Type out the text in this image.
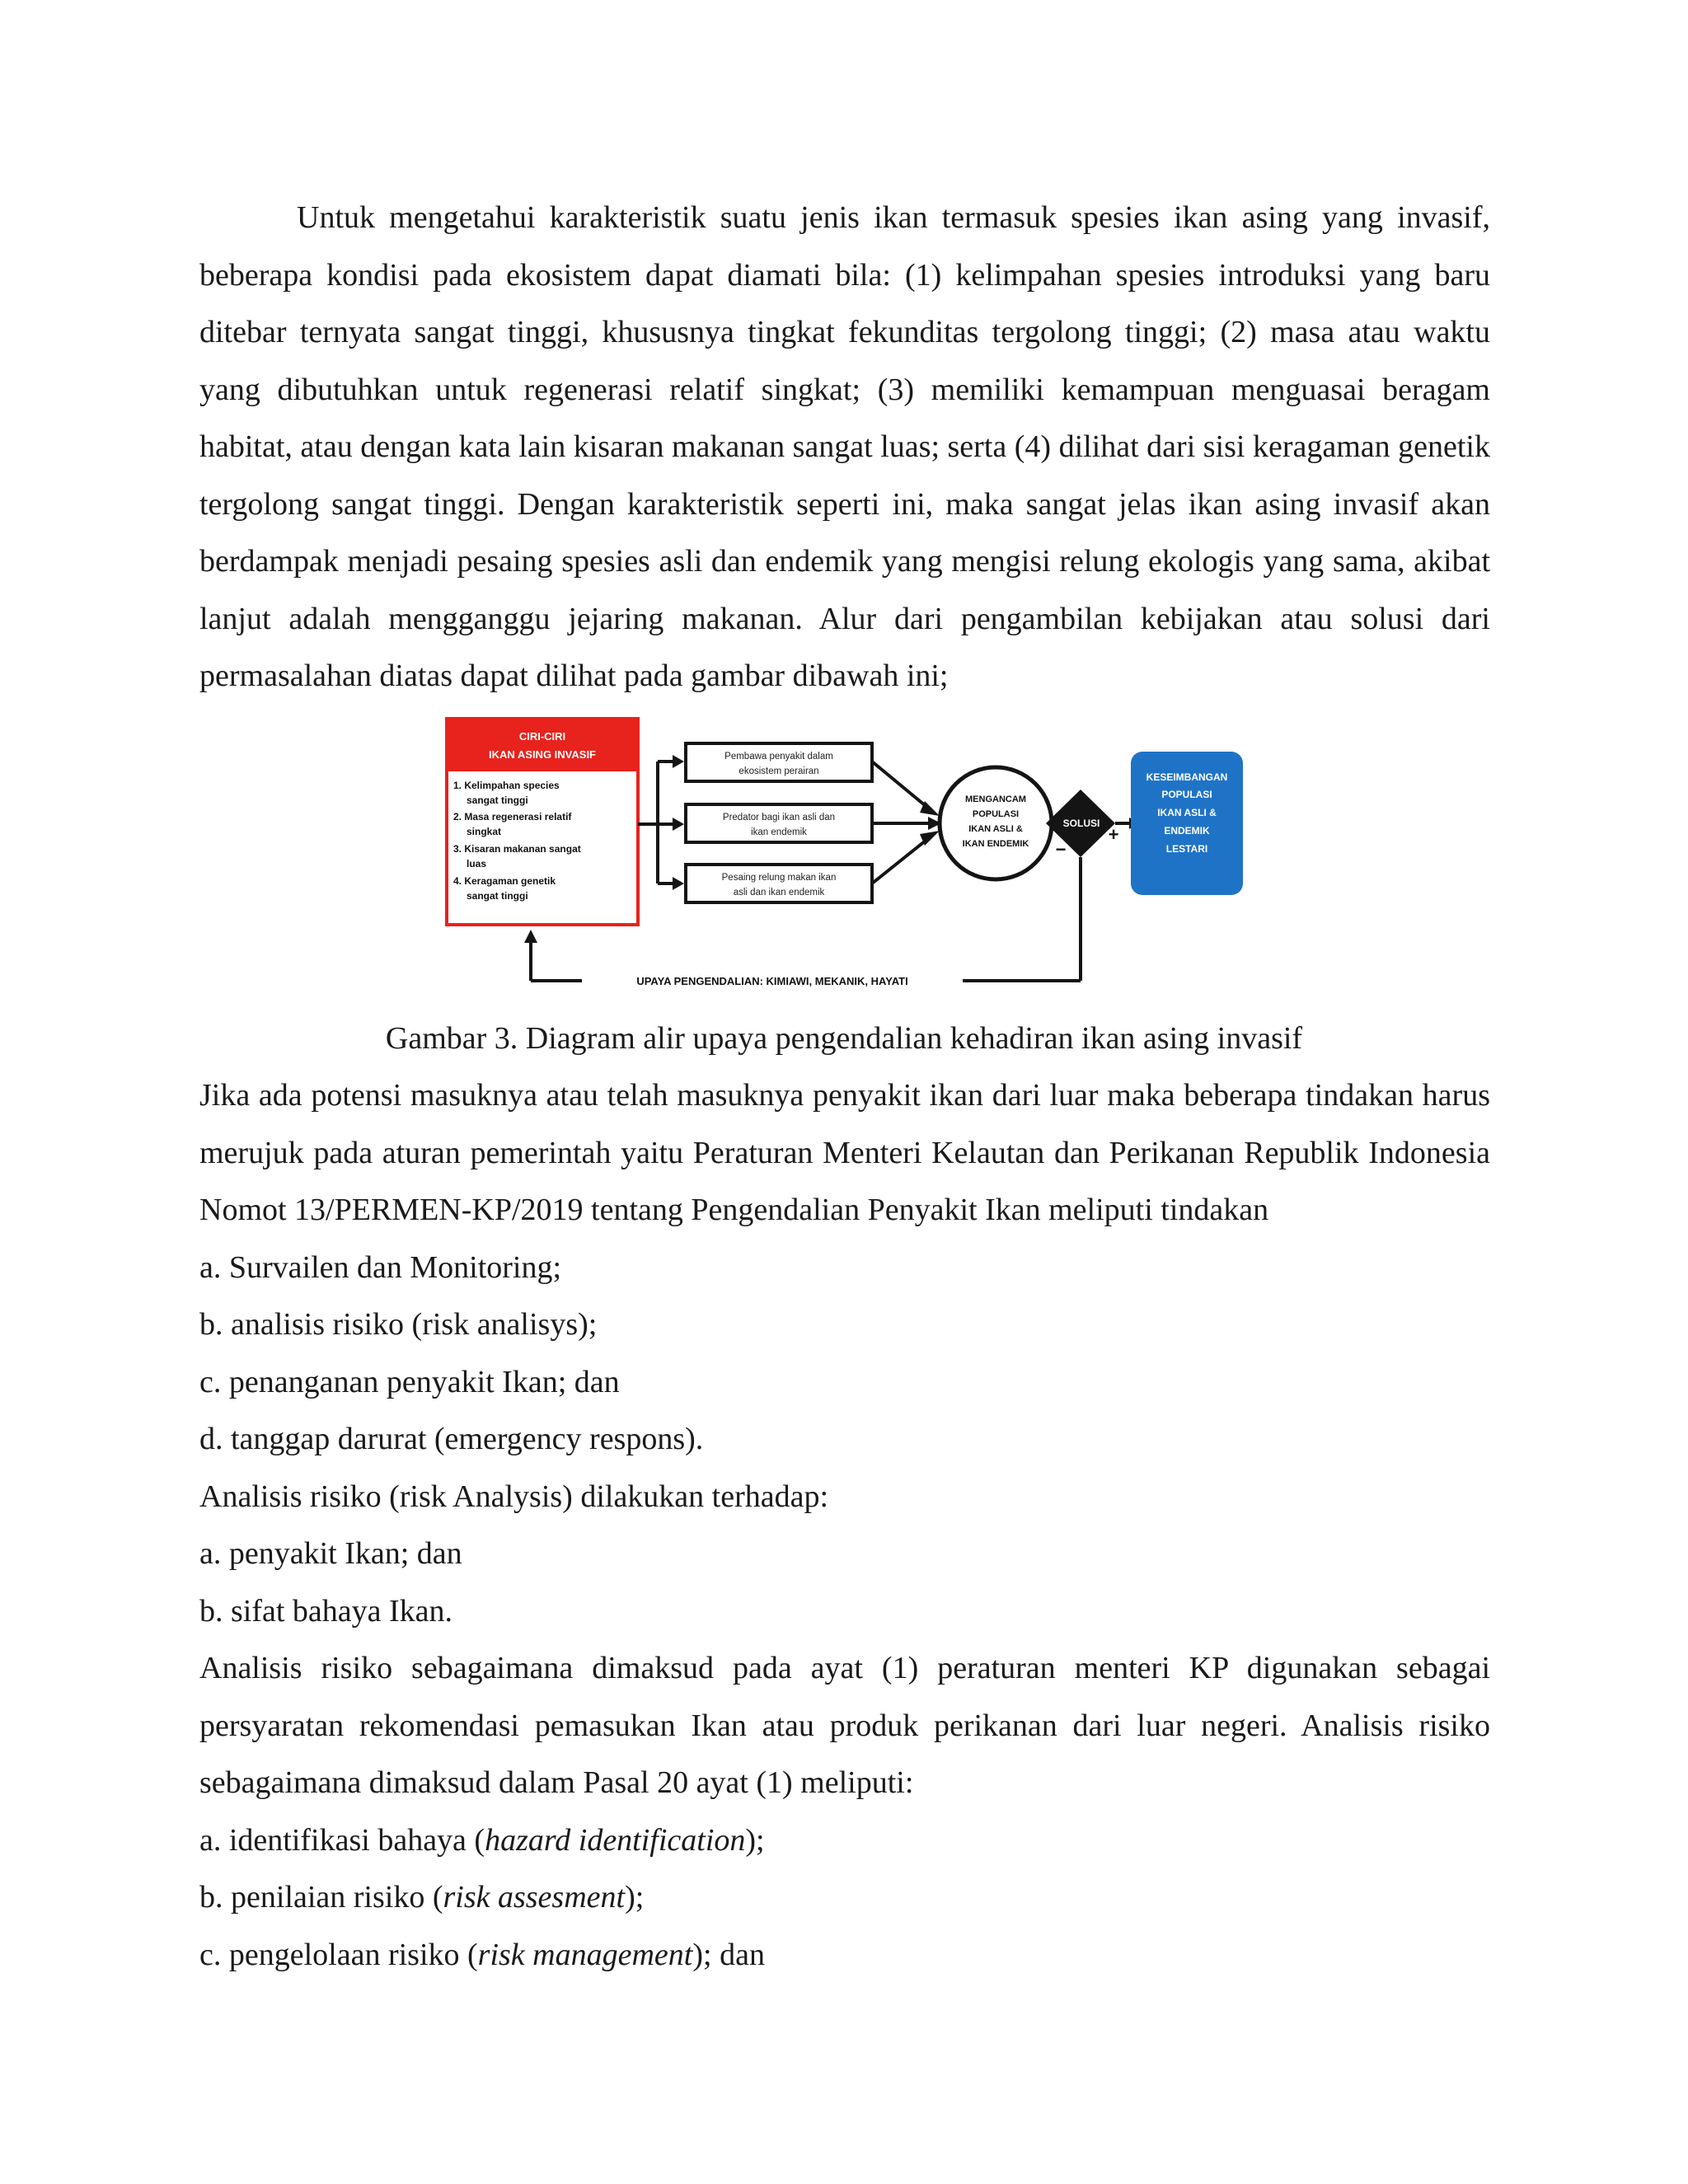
Untuk mengetahui karakteristik suatu jenis ikan termasuk spesies ikan asing yang invasif, beberapa kondisi pada ekosistem dapat diamati bila: (1) kelimpahan spesies introduksi yang baru ditebar ternyata sangat tinggi, khususnya tingkat fekunditas tergolong tinggi; (2) masa atau waktu yang dibutuhkan untuk regenerasi relatif singkat; (3) memiliki kemampuan menguasai beragam habitat, atau dengan kata lain kisaran makanan sangat luas; serta (4) dilihat dari sisi keragaman genetik tergolong sangat tinggi. Dengan karakteristik seperti ini, maka sangat jelas ikan asing invasif akan berdampak menjadi pesaing spesies asli dan endemik yang mengisi relung ekologis yang sama, akibat lanjut adalah mengganggu jejaring makanan. Alur dari pengambilan kebijakan atau solusi dari permasalahan diatas dapat dilihat pada gambar dibawah ini;

CIRI-CIRI
IKAN ASING INVASIF
1. Kelimpahan species
sangat tinggi
2. Masa regenerasi relatif
singkat
3. Kisaran makanan sangat
luas
4. Keragaman genetik
sangat tinggi
Pembawa penyakit dalam
ekosistem perairan
Predator bagi ikan asli dan
ikan endemik
Pesaing relung makan ikan
asli dan ikan endemik
MENGANCAM
POPULASI
IKAN ASLI &
IKAN ENDEMIK
SOLUSI
−
+
KESEIMBANGAN
POPULASI
IKAN ASLI &
ENDEMIK
LESTARI
UPAYA PENGENDALIAN: KIMIAWI, MEKANIK, HAYATI
Gambar 3. Diagram alir upaya pengendalian kehadiran ikan asing invasif

Jika ada potensi masuknya atau telah masuknya penyakit ikan dari luar maka beberapa tindakan harus merujuk pada aturan pemerintah yaitu Peraturan Menteri Kelautan dan Perikanan Republik Indonesia Nomot 13/PERMEN-KP/2019 tentang Pengendalian Penyakit Ikan meliputi tindakan

a. Survailen dan Monitoring;

b. analisis risiko (risk analisys);

c. penanganan penyakit Ikan; dan

d. tanggap darurat (emergency respons).

Analisis risiko (risk Analysis) dilakukan terhadap:

a. penyakit Ikan; dan

b. sifat bahaya Ikan.

Analisis risiko sebagaimana dimaksud pada ayat (1) peraturan menteri KP digunakan sebagai persyaratan rekomendasi pemasukan Ikan atau produk perikanan dari luar negeri. Analisis risiko sebagaimana dimaksud dalam Pasal 20 ayat (1) meliputi:

a. identifikasi bahaya (hazard identification);

b. penilaian risiko (risk assesment);

c. pengelolaan risiko (risk management); dan
